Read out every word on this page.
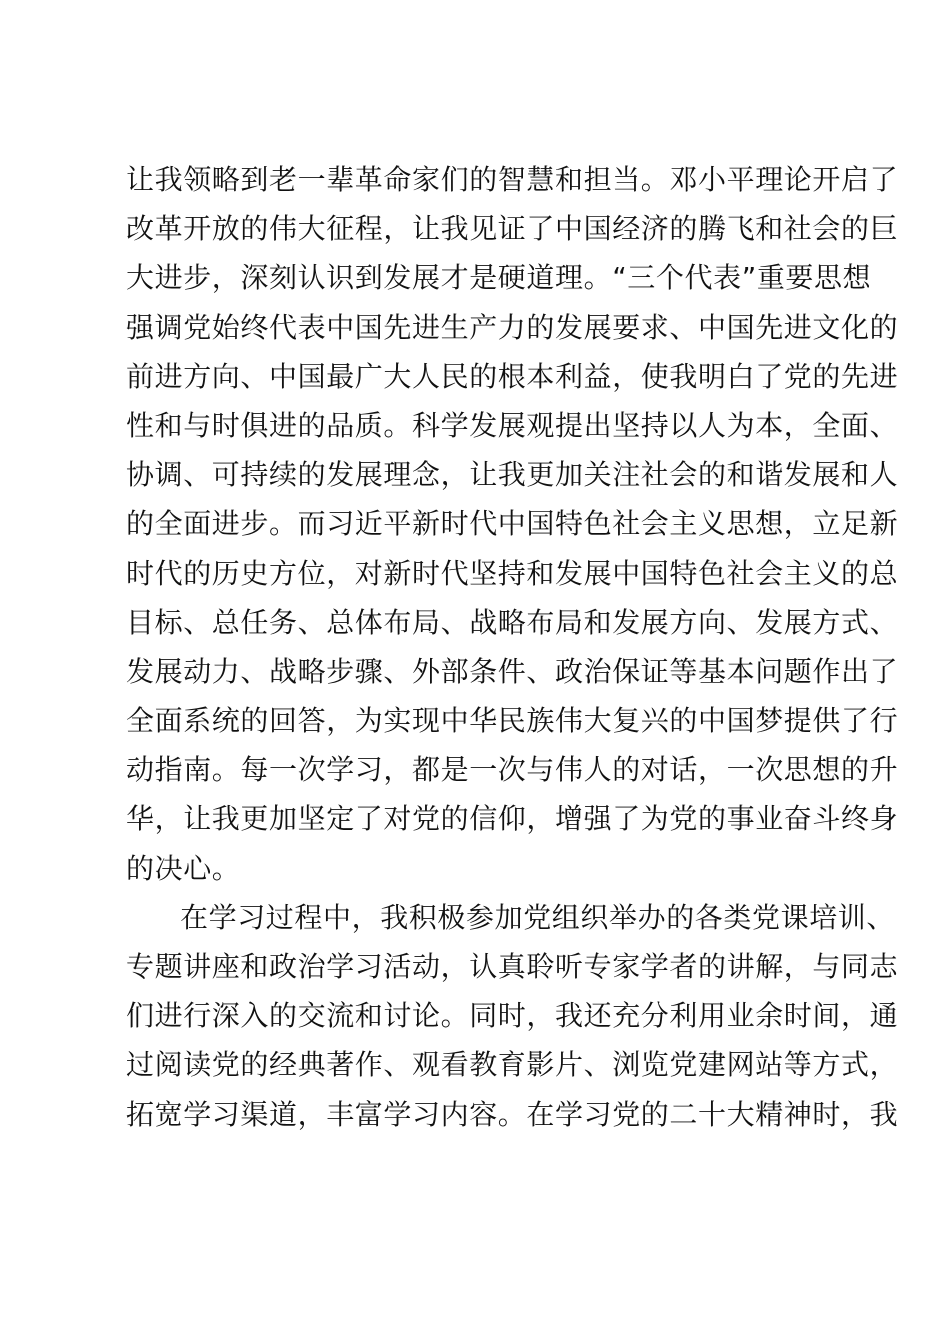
让我领略到老一辈革命家们的智慧和担当。邓小平理论开启了
改革开放的伟大征程，让我见证了中国经济的腾飞和社会的巨
大进步，深刻认识到发展才是硬道理。“三个代表”重要思想
强调党始终代表中国先进生产力的发展要求、中国先进文化的
前进方向、中国最广大人民的根本利益，使我明白了党的先进
性和与时俱进的品质。科学发展观提出坚持以人为本，全面、
协调、可持续的发展理念，让我更加关注社会的和谐发展和人
的全面进步。而习近平新时代中国特色社会主义思想，立足新
时代的历史方位，对新时代坚持和发展中国特色社会主义的总
目标、总任务、总体布局、战略布局和发展方向、发展方式、
发展动力、战略步骤、外部条件、政治保证等基本问题作出了
全面系统的回答，为实现中华民族伟大复兴的中国梦提供了行
动指南。每一次学习，都是一次与伟人的对话，一次思想的升
华，让我更加坚定了对党的信仰，增强了为党的事业奋斗终身
的决心。
在学习过程中，我积极参加党组织举办的各类党课培训、
专题讲座和政治学习活动，认真聆听专家学者的讲解，与同志
们进行深入的交流和讨论。同时，我还充分利用业余时间，通
过阅读党的经典著作、观看教育影片、浏览党建网站等方式，
拓宽学习渠道，丰富学习内容。在学习党的二十大精神时，我
